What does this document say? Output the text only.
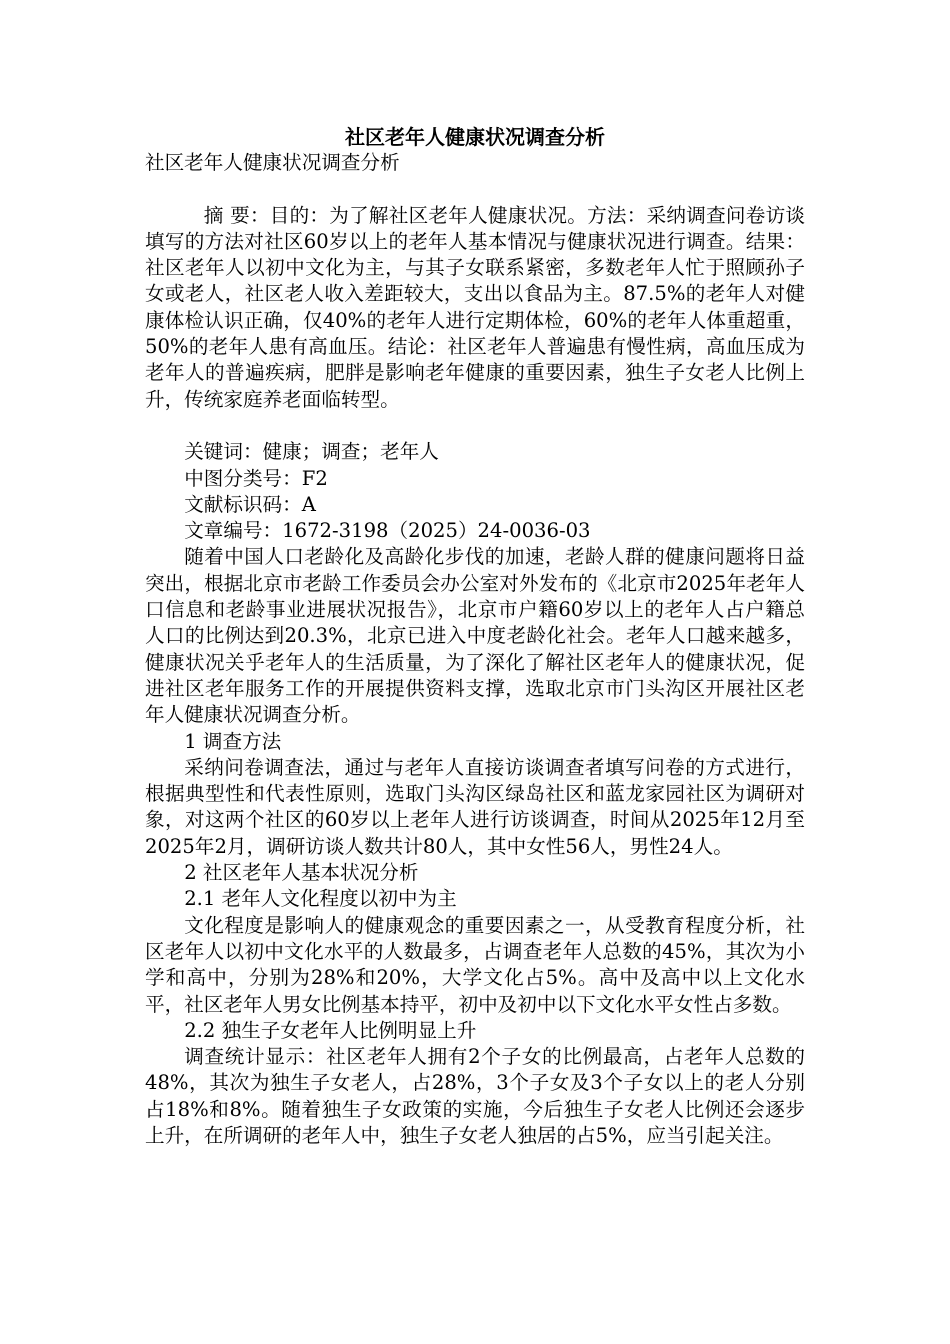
社区老年人健康状况调查分析

社区老年人健康状况调查分析

摘 要：目的：为了解社区老年人健康状况。方法：采纳调查问卷访谈填写的方法对社区60岁以上的老年人基本情况与健康状况进行调查。结果：社区老年人以初中文化为主，与其子女联系紧密，多数老年人忙于照顾孙子女或老人，社区老人收入差距较大，支出以食品为主。87.5%的老年人对健康体检认识正确，仅40%的老年人进行定期体检，60%的老年人体重超重，50%的老年人患有高血压。结论：社区老年人普遍患有慢性病，高血压成为老年人的普遍疾病，肥胖是影响老年健康的重要因素，独生子女老人比例上升，传统家庭养老面临转型。

关键词：健康；调查；老年人

中图分类号：F2

文献标识码：A

文章编号：1672-3198（2025）24-0036-03

随着中国人口老龄化及高龄化步伐的加速，老龄人群的健康问题将日益突出，根据北京市老龄工作委员会办公室对外发布的《北京市2025年老年人口信息和老龄事业进展状况报告》，北京市户籍60岁以上的老年人占户籍总人口的比例达到20.3%，北京已进入中度老龄化社会。老年人口越来越多，健康状况关乎老年人的生活质量，为了深化了解社区老年人的健康状况，促进社区老年服务工作的开展提供资料支撑，选取北京市门头沟区开展社区老年人健康状况调查分析。

1 调查方法

采纳问卷调查法，通过与老年人直接访谈调查者填写问卷的方式进行，根据典型性和代表性原则，选取门头沟区绿岛社区和蓝龙家园社区为调研对象，对这两个社区的60岁以上老年人进行访谈调查，时间从2025年12月至2025年2月，调研访谈人数共计80人，其中女性56人，男性24人。

2 社区老年人基本状况分析

2.1 老年人文化程度以初中为主

文化程度是影响人的健康观念的重要因素之一，从受教育程度分析，社区老年人以初中文化水平的人数最多，占调查老年人总数的45%，其次为小学和高中，分别为28%和20%，大学文化占5%。高中及高中以上文化水平，社区老年人男女比例基本持平，初中及初中以下文化水平女性占多数。

2.2 独生子女老年人比例明显上升

调查统计显示：社区老年人拥有2个子女的比例最高，占老年人总数的48%，其次为独生子女老人，占28%，3个子女及3个子女以上的老人分别占18%和8%。随着独生子女政策的实施，今后独生子女老人比例还会逐步上升，在所调研的老年人中，独生子女老人独居的占5%，应当引起关注。
